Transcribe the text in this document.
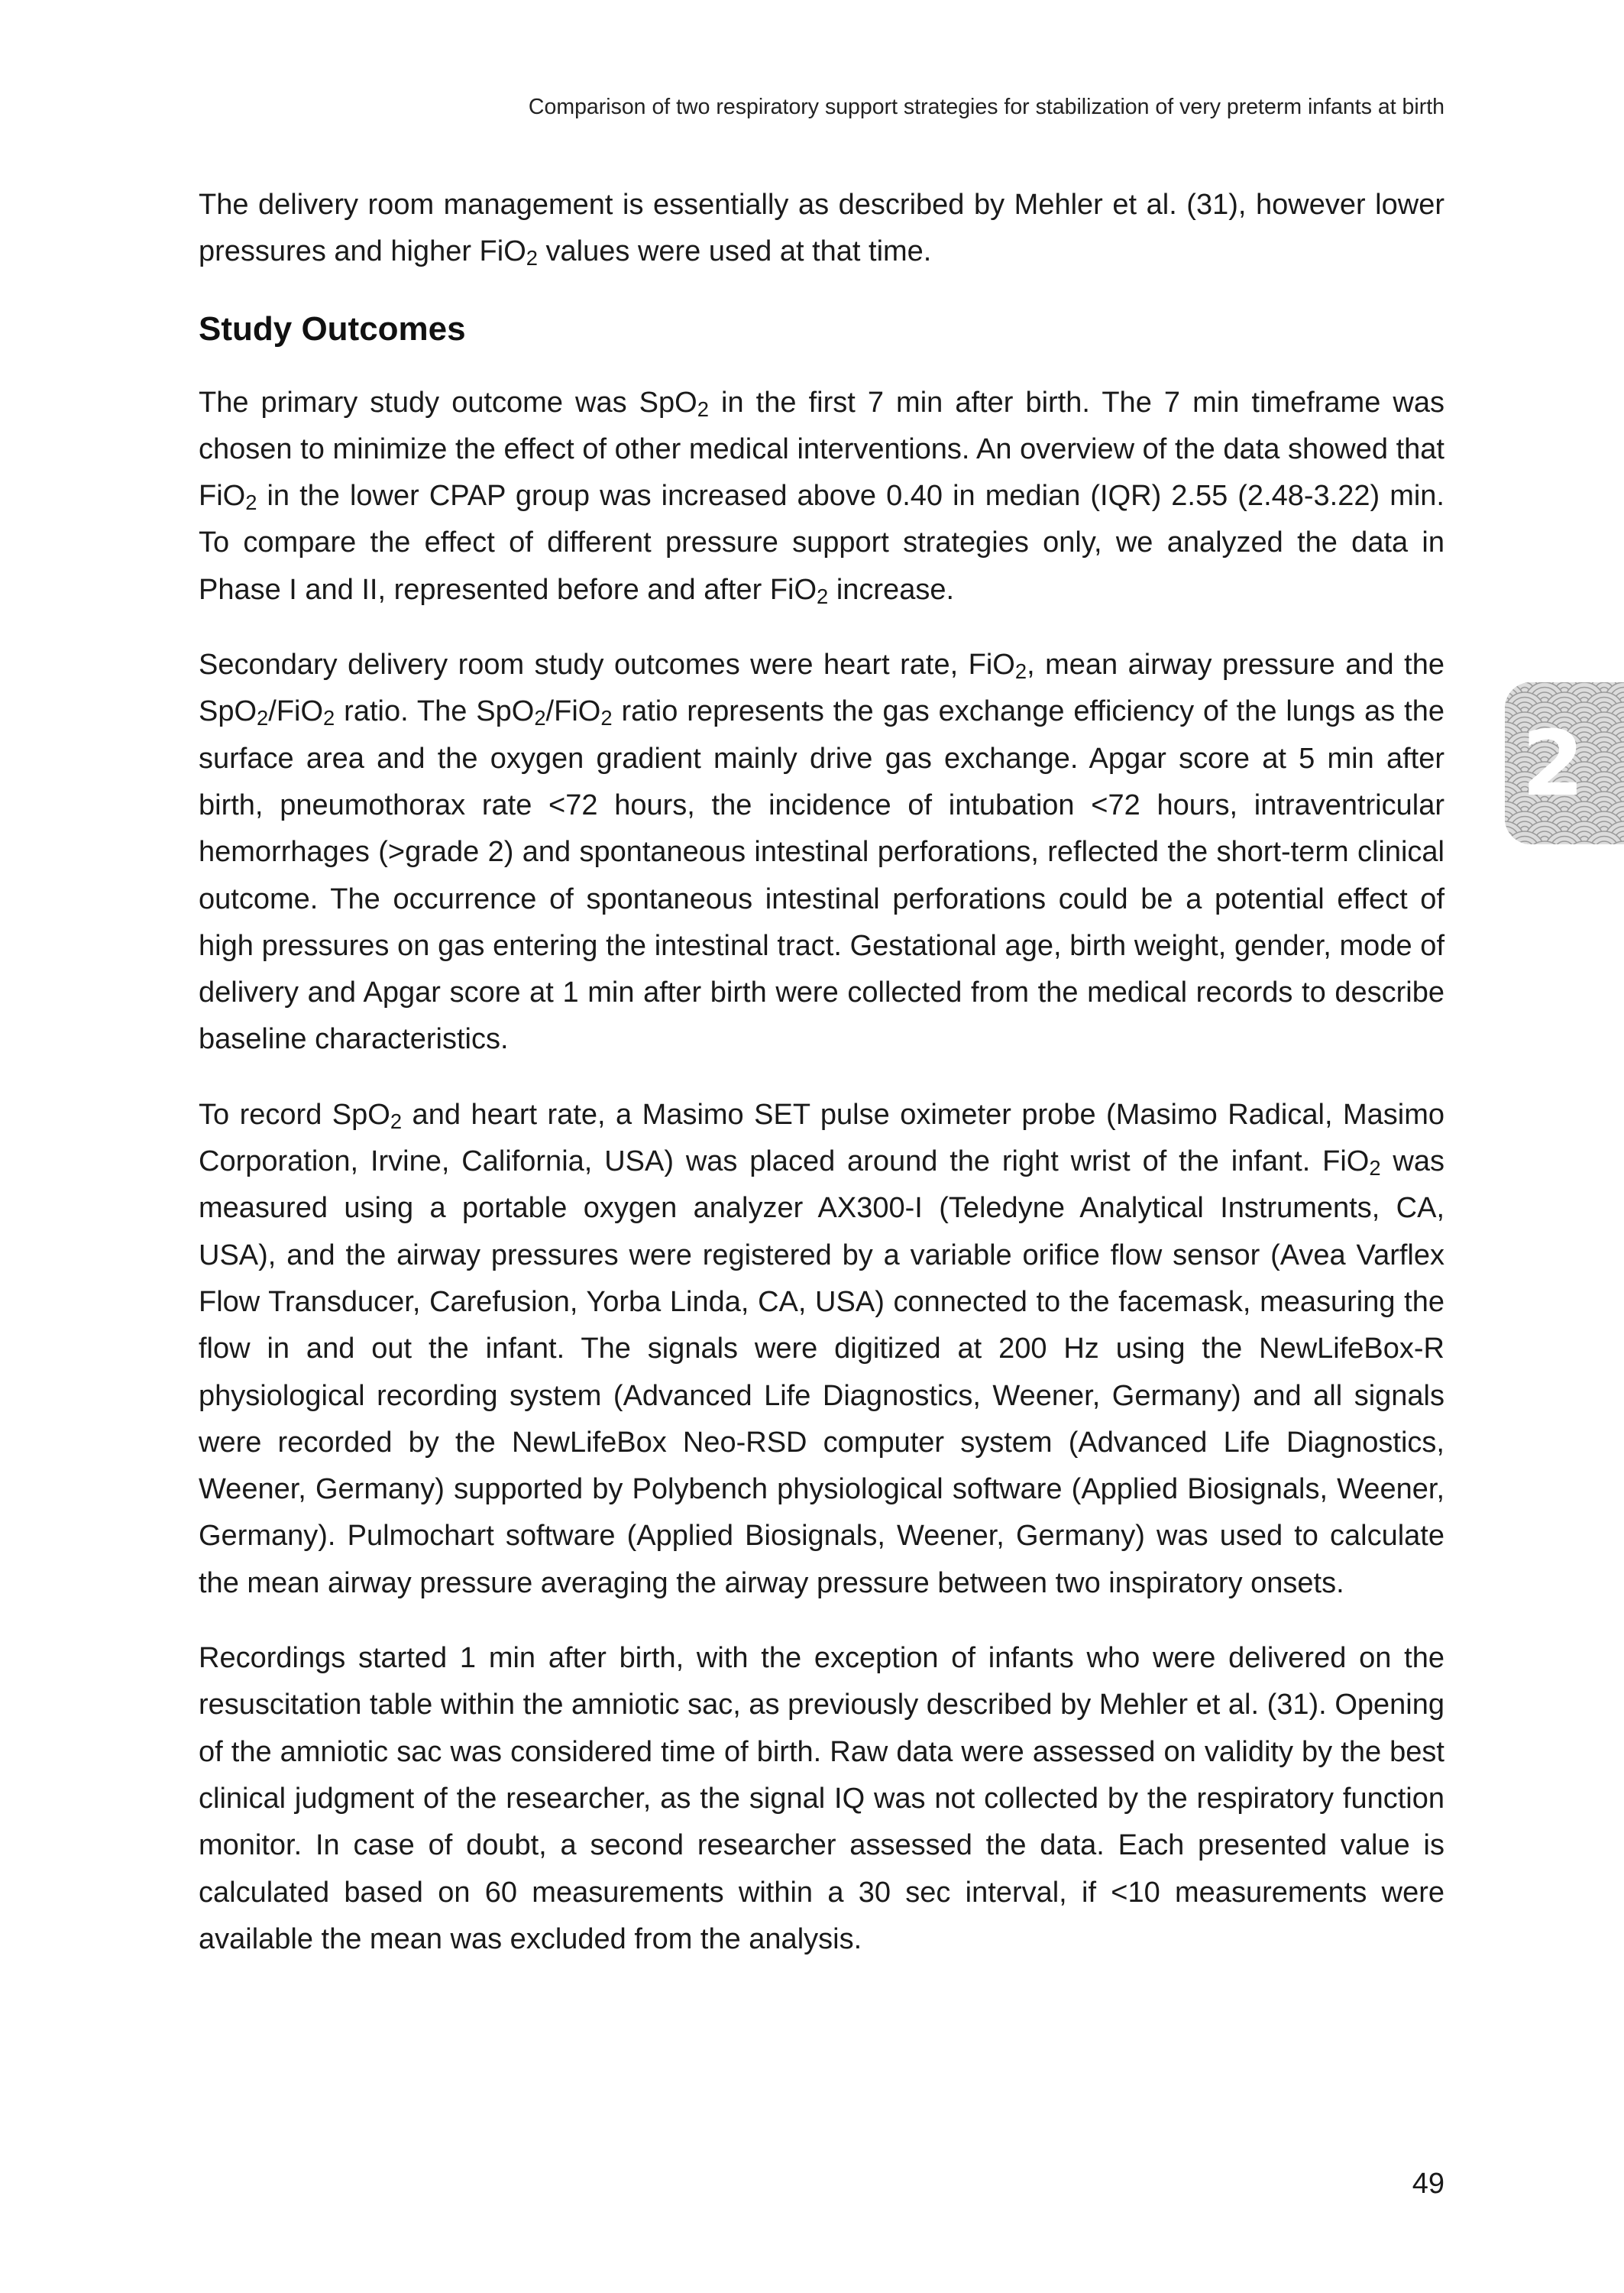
Comparison of two respiratory support strategies for stabilization of very preterm infants at birth
2

The delivery room management is essentially as described by Mehler et al. (31), however lower pressures and higher FiO$_2$ values were used at that time.

Study Outcomes

The primary study outcome was SpO$_2$ in the first 7 min after birth. The 7 min timeframe was chosen to minimize the effect of other medical interventions. An overview of the data showed that FiO$_2$ in the lower CPAP group was increased above 0.40 in median (IQR) 2.55 (2.48-3.22) min. To compare the effect of different pressure support strategies only, we analyzed the data in Phase I and II, represented before and after FiO$_2$ increase.

Secondary delivery room study outcomes were heart rate, FiO$_2$, mean airway pressure and the SpO$_2$/FiO$_2$ ratio. The SpO$_2$/FiO$_2$ ratio represents the gas exchange efficiency of the lungs as the surface area and the oxygen gradient mainly drive gas exchange. Apgar score at 5 min after birth, pneumothorax rate <72 hours, the incidence of intubation <72 hours, intraventricular hemorrhages (>grade 2) and spontaneous intestinal perforations, reflected the short-term clinical outcome. The occurrence of spontaneous intestinal perforations could be a potential effect of high pressures on gas entering the intestinal tract. Gestational age, birth weight, gender, mode of delivery and Apgar score at 1 min after birth were collected from the medical records to describe baseline characteristics.

To record SpO$_2$ and heart rate, a Masimo SET pulse oximeter probe (Masimo Radical, Masimo Corporation, Irvine, California, USA) was placed around the right wrist of the infant. FiO$_2$ was measured using a portable oxygen analyzer AX300-I (Teledyne Analytical Instruments, CA, USA), and the airway pressures were registered by a variable orifice flow sensor (Avea Varflex Flow Transducer, Carefusion, Yorba Linda, CA, USA) connected to the facemask, measuring the flow in and out the infant. The signals were digitized at 200 Hz using the NewLifeBox-R physiological recording system (Advanced Life Diagnostics, Weener, Germany) and all signals were recorded by the NewLifeBox Neo-RSD computer system (Advanced Life Diagnostics, Weener, Germany) supported by Polybench physiological software (Applied Biosignals, Weener, Germany). Pulmochart software (Applied Biosignals, Weener, Germany) was used to calculate the mean airway pressure averaging the airway pressure between two inspiratory onsets.

Recordings started 1 min after birth, with the exception of infants who were delivered on the resuscitation table within the amniotic sac, as previously described by Mehler et al. (31). Opening of the amniotic sac was considered time of birth. Raw data were assessed on validity by the best clinical judgment of the researcher, as the signal IQ was not collected by the respiratory function monitor. In case of doubt, a second researcher assessed the data. Each presented value is calculated based on 60 measurements within a 30 sec interval, if <10 measurements were available the mean was excluded from the analysis.

49
